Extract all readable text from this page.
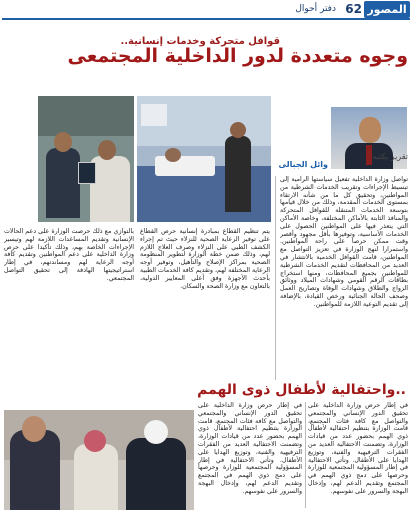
المصور
62
دفتر أحوال
قوافل متحركة وخدمات إنسانية..
وجوه متعددة لدور الداخلية المجتمعى
تقرير يكتبه
وائل الجبالى
..واحتفالية لأطفال ذوى الهمم
تواصل وزارة الداخلية تفعيل سياستها الرامية إلى تبسيط الإجراءات وتقريب الخدمات الشرطية من المواطنين، وتحقيق كل ما من شأنه الارتقاء بمستوى الخدمات المقدمة، وذلك من خلال قيامها بتوسعة الخدمات المتنقلة للقوافل المتحركة والمنافذ الثابتة بالأماكن المختلفة، وخاصة الأماكن التي يتعذر فيها على المواطنين الحصول على الخدمات الأساسية، وتوفيرها بأقل مجهود وأقصر وقت ممكن حرصا على راحة المواطنين. واستمرارا لنهج الوزارة في تعزيز التواصل مع المواطنين، قامت القوافل الخدمية بالانتشار في العديد من المحافظات لتقديم الخدمات الشرطية للمواطنين بجميع المحافظات، ومنها استخراج بطاقات الرقم القومي وشهادات الميلاد ووثائق الزواج والطلاق وشهادات الوفاة وتصاريح العمل وصحف الحالة الجنائية ورخص القيادة، بالإضافة إلى تقديم التوعية اللازمة للمواطنين.
يتم تنظيم القطاع بمبادرة إنسانية حرص القطاع على توفير الرعاية الصحية للنزلاء حيث تم إجراء الكشف الطبي على النزلاء وصرف العلاج اللازم لهم، وذلك ضمن خطة الوزارة لتطوير المنظومة الصحية بمراكز الإصلاح والتأهيل، وتوفير أوجه الرعاية المختلفة لهم، وتقديم كافة الخدمات الطبية بأحدث الأجهزة وفق أعلى المعايير الدولية، بالتعاون مع وزارة الصحة والسكان.
بالتوازي مع ذلك حرصت الوزارة على دعم الحالات الإنسانية وتقديم المساعدات اللازمة لهم وتيسير الإجراءات الخاصة بهم، وذلك تأكيدا على حرص وزارة الداخلية على دعم المواطنين وتقديم كافة أوجه الرعاية لهم ومساندتهم، في إطار استراتيجيتها الهادفة إلى تحقيق التواصل المجتمعي.
في إطار حرص وزارة الداخلية على تحقيق الدور الإنساني والمجتمعي والتواصل مع كافة فئات المجتمع، قامت الوزارة بتنظيم احتفالية لأطفال ذوي الهمم بحضور عدد من قيادات الوزارة، وتضمنت الاحتفالية العديد من الفقرات الترفيهية والفنية، وتوزيع الهدايا على الأطفال. وتأتي الاحتفالية في إطار المسؤولية المجتمعية للوزارة وحرصها على دمج ذوي الهمم في المجتمع وتقديم الدعم لهم، وإدخال البهجة والسرور على نفوسهم.
في إطار حرص وزارة الداخلية على تحقيق الدور الإنساني والمجتمعي والتواصل مع كافة فئات المجتمع، قامت الوزارة بتنظيم احتفالية لأطفال ذوي الهمم بحضور عدد من قيادات الوزارة، وتضمنت الاحتفالية العديد من الفقرات الترفيهية والفنية، وتوزيع الهدايا على الأطفال. وتأتي الاحتفالية في إطار المسؤولية المجتمعية للوزارة وحرصها على دمج ذوي الهمم في المجتمع وتقديم الدعم لهم، وإدخال البهجة والسرور على نفوسهم.
